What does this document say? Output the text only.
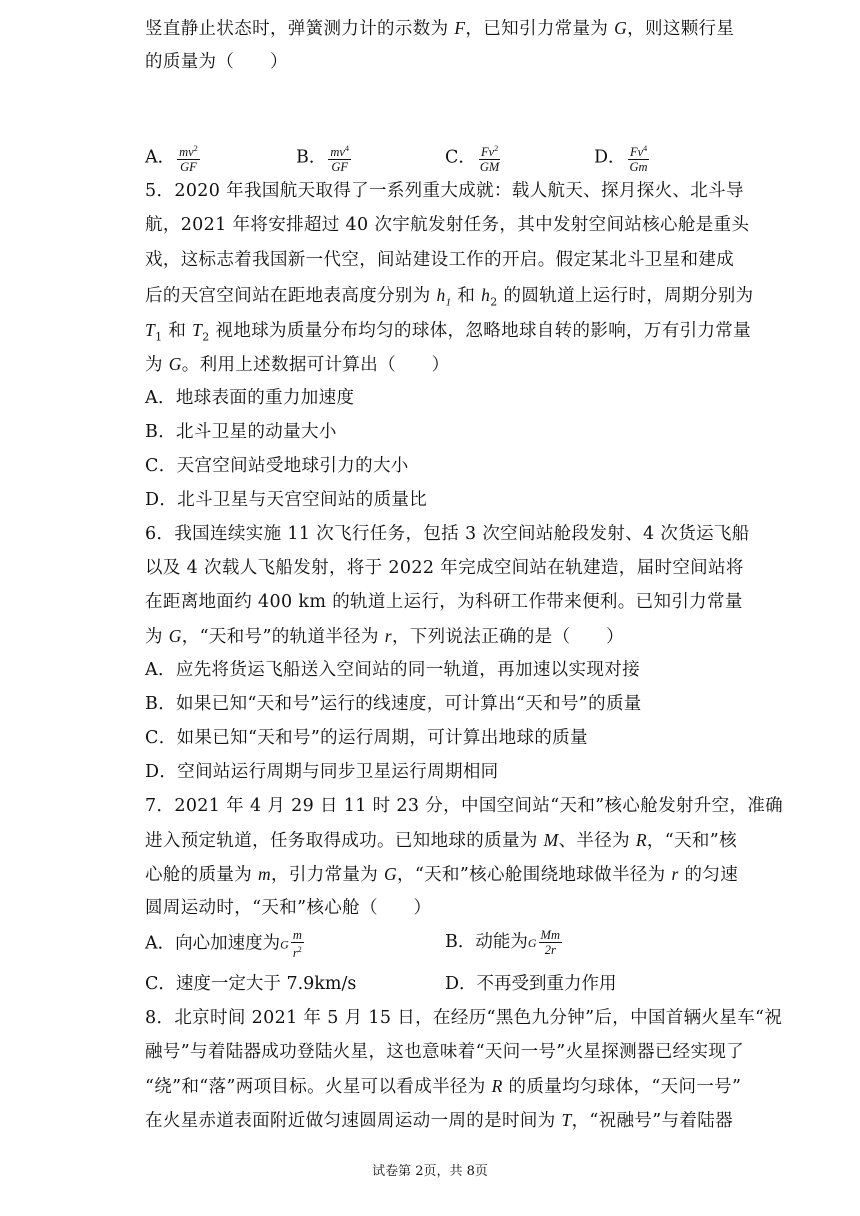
竖直静止状态时，弹簧测力计的示数为 F，已知引力常量为 G，则这颗行星
的质量为（　　）
A． $\frac{mv^2}{GF}$	B． $\frac{mv^4}{GF}$	C． $\frac{Fv^2}{GM}$	D． $\frac{Fv^4}{Gm}$
5．2020 年我国航天取得了一系列重大成就：载人航天、探月探火、北斗导
航，2021 年将安排超过 40 次宇航发射任务，其中发射空间站核心舱是重头
戏，这标志着我国新一代空，间站建设工作的开启。假定某北斗卫星和建成
后的天宫空间站在距地表高度分别为 $h_1$ 和 $h_2$ 的圆轨道上运行时，周期分别为
$T_1$ 和 $T_2$ 视地球为质量分布均匀的球体，忽略地球自转的影响，万有引力常量
为 G。利用上述数据可计算出（　　）
A．地球表面的重力加速度
B．北斗卫星的动量大小
C．天宫空间站受地球引力的大小
D．北斗卫星与天宫空间站的质量比
6．我国连续实施 11 次飞行任务，包括 3 次空间站舱段发射、4 次货运飞船
以及 4 次载人飞船发射，将于 2022 年完成空间站在轨建造，届时空间站将
在距离地面约 400 km 的轨道上运行，为科研工作带来便利。已知引力常量
为 G，“天和号”的轨道半径为 r，下列说法正确的是（　　）
A．应先将货运飞船送入空间站的同一轨道，再加速以实现对接
B．如果已知“天和号”运行的线速度，可计算出“天和号”的质量
C．如果已知“天和号”的运行周期，可计算出地球的质量
D．空间站运行周期与同步卫星运行周期相同
7．2021 年 4 月 29 日 11 时 23 分，中国空间站“天和”核心舱发射升空，准确
进入预定轨道，任务取得成功。已知地球的质量为 M、半径为 R，“天和”核
心舱的质量为 m，引力常量为 G，“天和”核心舱围绕地球做半径为 r 的匀速
圆周运动时，“天和”核心舱（　　）
A．向心加速度为G $\frac{m}{r^2}$	B．动能为G $\frac{Mm}{2r}$
C．速度一定大于 7.9km/s	D．不再受到重力作用
8．北京时间 2021 年 5 月 15 日，在经历“黑色九分钟”后，中国首辆火星车“祝
融号”与着陆器成功登陆火星，这也意味着“天问一号”火星探测器已经实现了
“绕”和“落”两项目标。火星可以看成半径为 R 的质量均匀球体，“天问一号”
在火星赤道表面附近做匀速圆周运动一周的是时间为 T，“祝融号”与着陆器
试卷第 2页，共 8页
